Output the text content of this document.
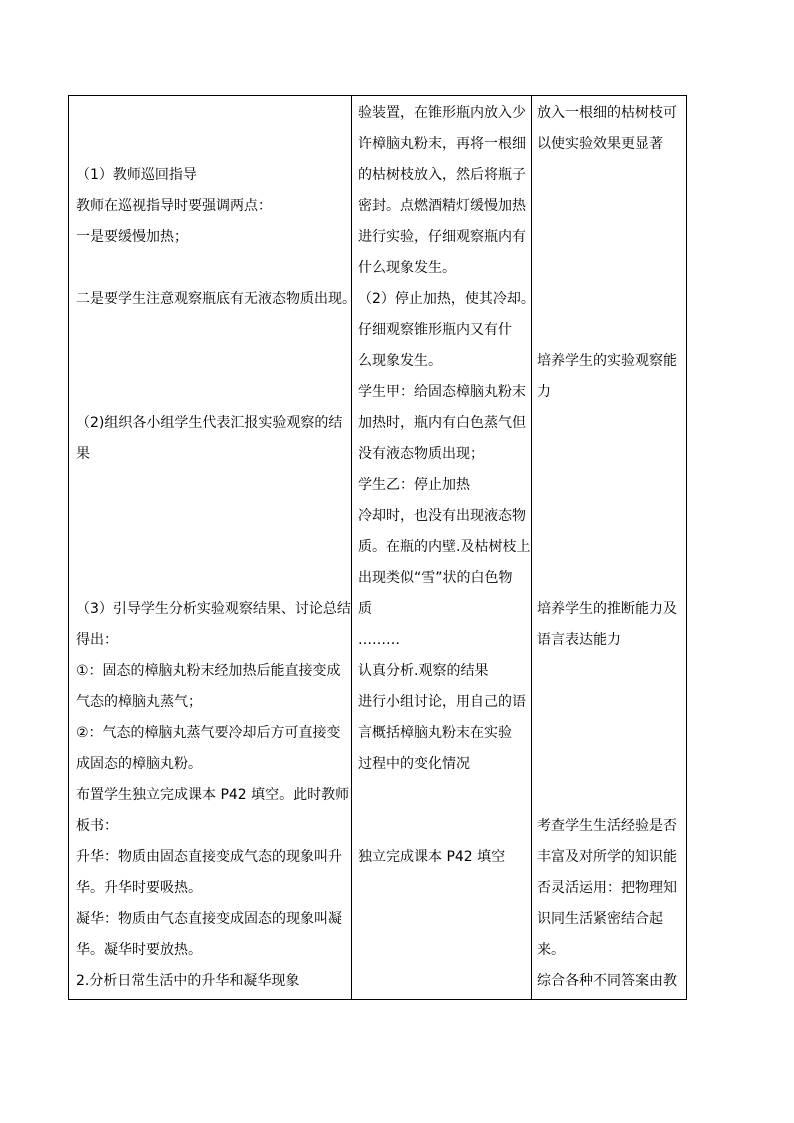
（1）教师巡回指导
教师在巡视指导时要强调两点：
一是要缓慢加热；
二是要学生注意观察瓶底有无液态物质出现。
（2)组织各小组学生代表汇报实验观察的结
果
（3）引导学生分析实验观察结果、讨论总结
得出：
①：固态的樟脑丸粉末经加热后能直接变成
气态的樟脑丸蒸气；
②：气态的樟脑丸蒸气要冷却后方可直接变
成固态的樟脑丸粉。
布置学生独立完成课本 P42 填空。此时教师
板书：
升华：物质由固态直接变成气态的现象叫升
华。升华时要吸热。
凝华：物质由气态直接变成固态的现象叫凝
华。凝华时要放热。
2.分析日常生活中的升华和凝华现象
验装置，在锥形瓶内放入少
许樟脑丸粉末，再将一根细
的枯树枝放入，然后将瓶子
密封。点燃酒精灯缓慢加热
进行实验，仔细观察瓶内有
什么现象发生。
（2）停止加热，使其冷却。
仔细观察锥形瓶内又有什
么现象发生。
学生甲：给固态樟脑丸粉末
加热时，瓶内有白色蒸气但
没有液态物质出现；
学生乙：停止加热
冷却时，也没有出现液态物
质。在瓶的内壁.及枯树枝上
出现类似“雪”状的白色物
质
………
认真分析.观察的结果
进行小组讨论，用自己的语
言概括樟脑丸粉末在实验
过程中的变化情况
独立完成课本 P42 填空
放入一根细的枯树枝可
以使实验效果更显著
培养学生的实验观察能
力
培养学生的推断能力及
语言表达能力
考查学生生活经验是否
丰富及对所学的知识能
否灵活运用：把物理知
识同生活紧密结合起
来。
综合各种不同答案由教
